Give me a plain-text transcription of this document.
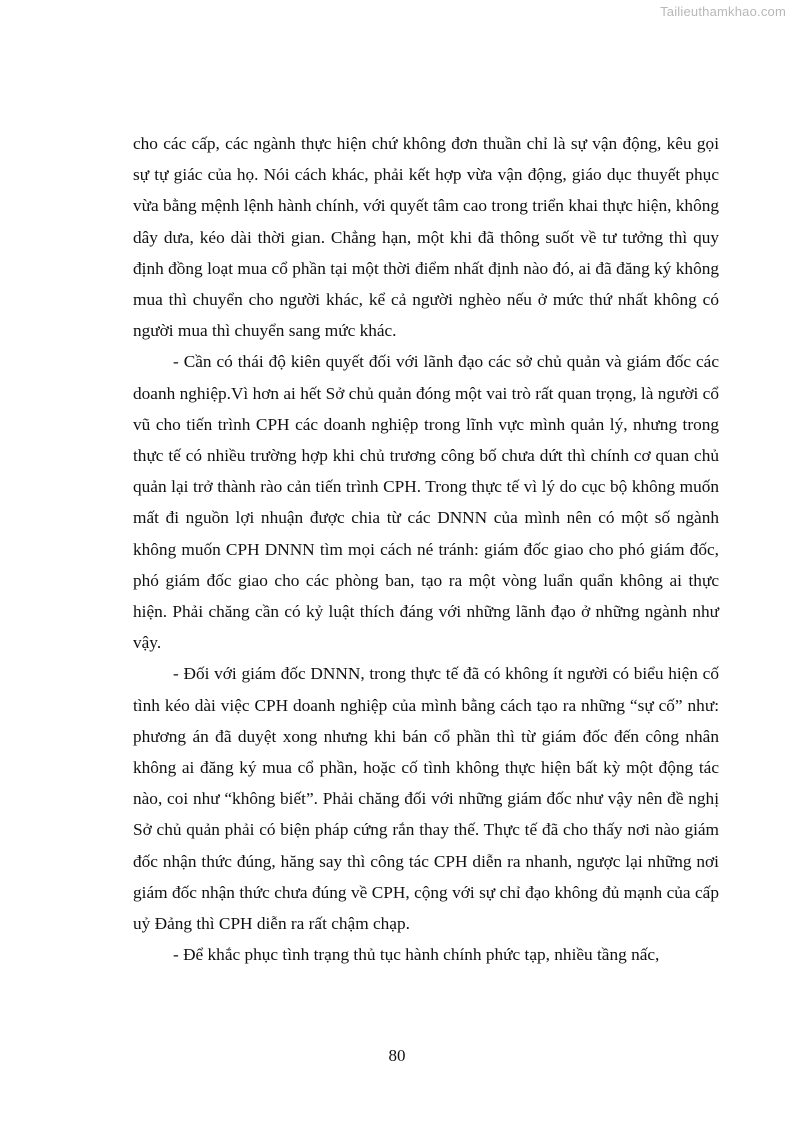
Tailieuthamkhao.com

cho các cấp, các ngành thực hiện chứ không đơn thuần chỉ là sự vận động, kêu gọi sự tự giác của họ. Nói cách khác, phải kết hợp vừa vận động, giáo dục thuyết phục vừa bằng mệnh lệnh hành chính, với quyết tâm cao trong triển khai thực hiện, không dây dưa, kéo dài thời gian. Chẳng hạn, một khi đã thông suốt về tư tưởng thì quy định đồng loạt mua cổ phần tại một thời điểm nhất định nào đó, ai đã đăng ký không mua thì chuyển cho người khác, kể cả người nghèo nếu ở mức thứ nhất không có người mua thì chuyển sang mức khác.

- Cần có thái độ kiên quyết đối với lãnh đạo các sở chủ quản và giám đốc các doanh nghiệp.Vì hơn ai hết Sở chủ quản đóng một vai trò rất quan trọng, là người cổ vũ cho tiến trình CPH các doanh nghiệp trong lĩnh vực mình quản lý, nhưng trong thực tế có nhiều trường hợp khi chủ trương công bố chưa dứt thì chính cơ quan chủ quản lại trở thành rào cản tiến trình CPH. Trong thực tế vì lý do cục bộ không muốn mất đi nguồn lợi nhuận được chia từ các DNNN của mình nên có một số ngành không muốn CPH DNNN tìm mọi cách né tránh: giám đốc giao cho phó giám đốc, phó giám đốc giao cho các phòng ban, tạo ra một vòng luẩn quẩn không ai thực hiện. Phải chăng cần có kỷ luật thích đáng với những lãnh đạo ở những ngành như vậy.

- Đối với giám đốc DNNN, trong thực tế đã có không ít người có biểu hiện cố tình kéo dài việc CPH doanh nghiệp của mình bằng cách tạo ra những “sự cố” như: phương án đã duyệt xong nhưng khi bán cổ phần thì từ giám đốc đến công nhân không ai đăng ký mua cổ phần, hoặc cố tình không thực hiện bất kỳ một động tác nào, coi như “không biết”. Phải chăng đối với những giám đốc như vậy nên đề nghị Sở chủ quản phải có biện pháp cứng rắn thay thế. Thực tế đã cho thấy nơi nào giám đốc nhận thức đúng, hăng say thì công tác CPH diễn ra nhanh, ngược lại những nơi giám đốc nhận thức chưa đúng về CPH, cộng với sự chỉ đạo không đủ mạnh của cấp uỷ Đảng thì CPH diễn ra rất chậm chạp.

- Để khắc phục tình trạng thủ tục hành chính phức tạp, nhiều tầng nấc,

80
